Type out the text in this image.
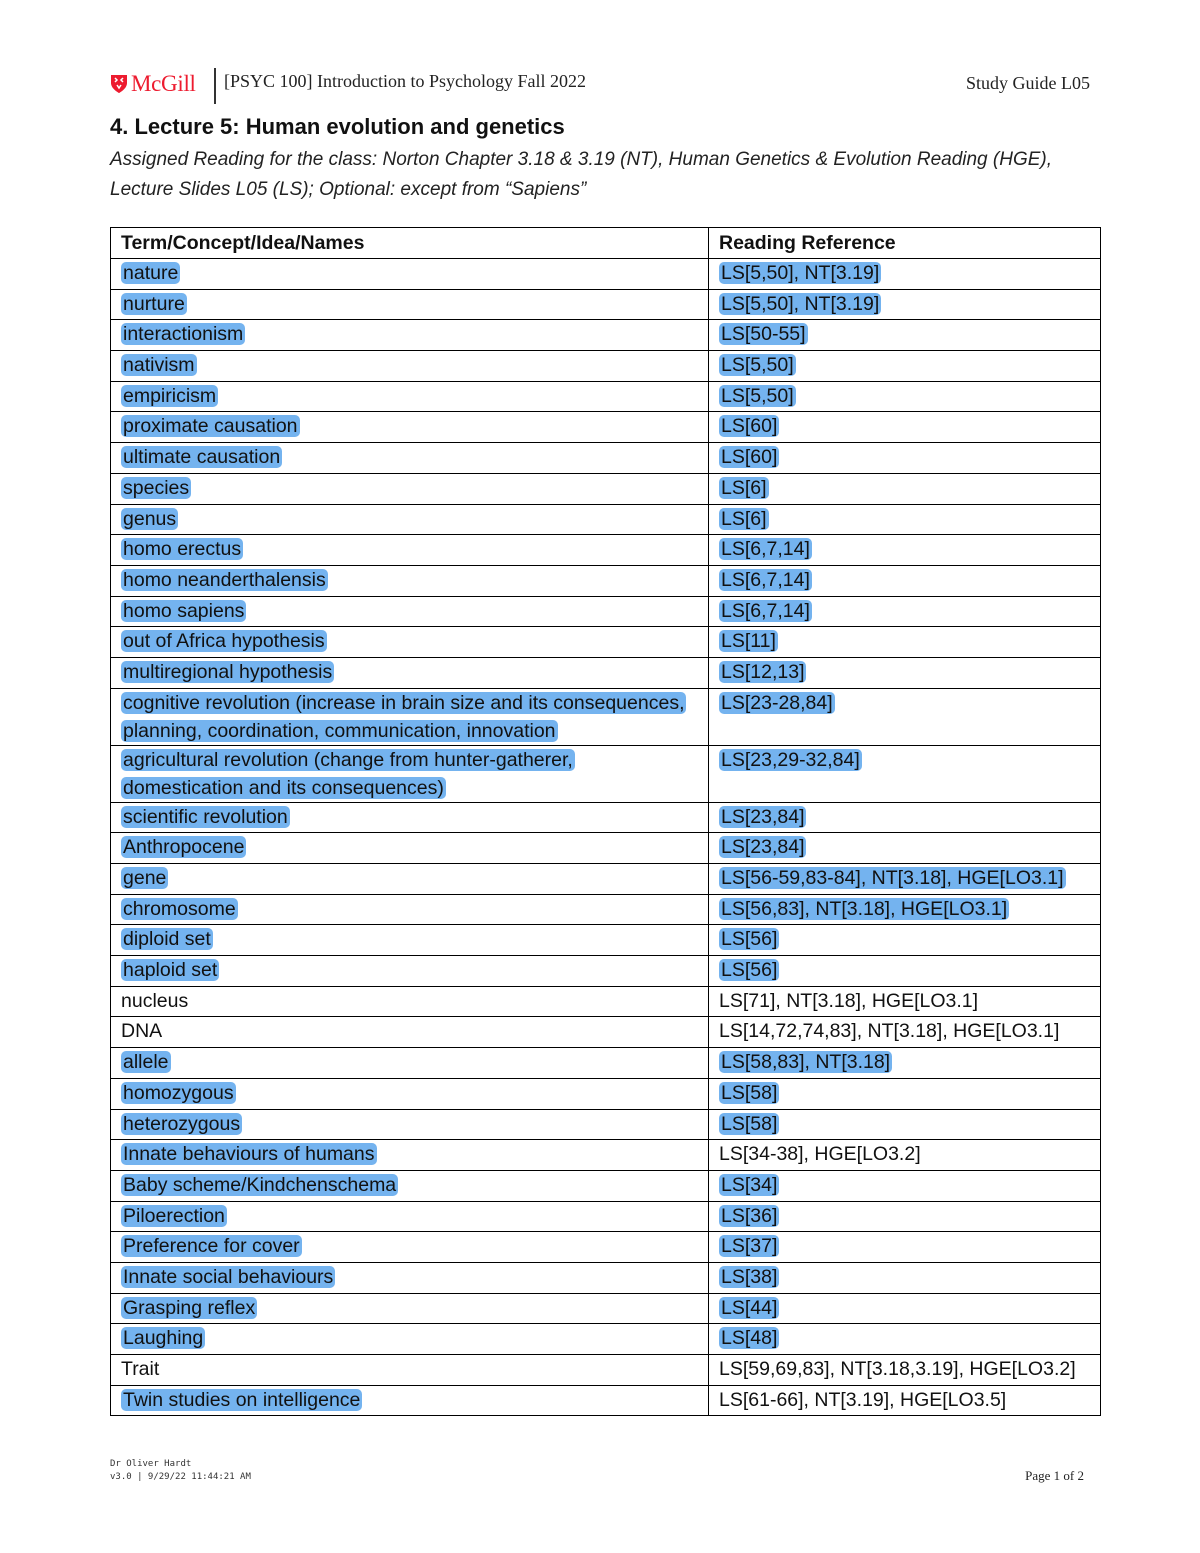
McGill [PSYC 100] Introduction to Psychology Fall 2022	Study Guide L05
4. Lecture 5: Human evolution and genetics
Assigned Reading for the class: Norton Chapter 3.18 & 3.19 (NT), Human Genetics & Evolution Reading (HGE), Lecture Slides L05 (LS); Optional: except from “Sapiens”
Term/Concept/Idea/Names	Reading Reference
nature	LS[5,50], NT[3.19]
nurture	LS[5,50], NT[3.19]
interactionism	LS[50-55]
nativism	LS[5,50]
empiricism	LS[5,50]
proximate causation	LS[60]
ultimate causation	LS[60]
species	LS[6]
genus	LS[6]
homo erectus	LS[6,7,14]
homo neanderthalensis	LS[6,7,14]
homo sapiens	LS[6,7,14]
out of Africa hypothesis	LS[11]
multiregional hypothesis	LS[12,13]
cognitive revolution (increase in brain size and its consequences, planning, coordination, communication, innovation	LS[23-28,84]
agricultural revolution (change from hunter-gatherer, domestication and its consequences)	LS[23,29-32,84]
scientific revolution	LS[23,84]
Anthropocene	LS[23,84]
gene	LS[56-59,83-84], NT[3.18], HGE[LO3.1]
chromosome	LS[56,83], NT[3.18], HGE[LO3.1]
diploid set	LS[56]
haploid set	LS[56]
nucleus	LS[71], NT[3.18], HGE[LO3.1]
DNA	LS[14,72,74,83], NT[3.18], HGE[LO3.1]
allele	LS[58,83], NT[3.18]
homozygous	LS[58]
heterozygous	LS[58]
Innate behaviours of humans	LS[34-38], HGE[LO3.2]
Baby scheme/Kindchenschema	LS[34]
Piloerection	LS[36]
Preference for cover	LS[37]
Innate social behaviours	LS[38]
Grasping reflex	LS[44]
Laughing	LS[48]
Trait	LS[59,69,83], NT[3.18,3.19], HGE[LO3.2]
Twin studies on intelligence	LS[61-66], NT[3.19], HGE[LO3.5]
Dr Oliver Hardt
v3.0 | 9/29/22 11:44:21 AM	Page 1 of 2
